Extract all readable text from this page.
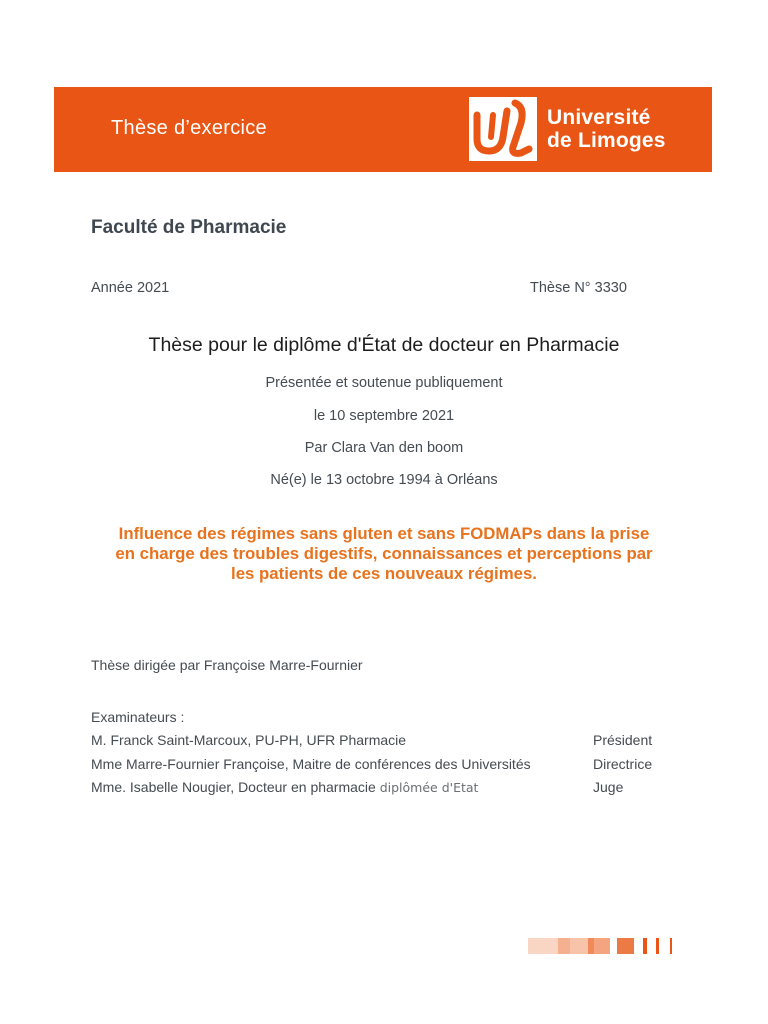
Thèse d’exercice	Université
de Limoges
Faculté de Pharmacie
Année 2021	Thèse N° 3330
Thèse pour le diplôme d'État de docteur en Pharmacie
Présentée et soutenue publiquement
le 10 septembre 2021
Par Clara Van den boom
Né(e) le 13 octobre 1994 à Orléans
Influence des régimes sans gluten et sans FODMAPs dans la prise
en charge des troubles digestifs, connaissances et perceptions par
les patients de ces nouveaux régimes.
Thèse dirigée par Françoise Marre-Fournier
Examinateurs :
M. Franck Saint-Marcoux, PU-PH, UFR Pharmacie	Président
Mme Marre-Fournier Françoise, Maitre de conférences des Universités	Directrice
Mme. Isabelle Nougier, Docteur en pharmacie diplômée d'Etat	Juge
